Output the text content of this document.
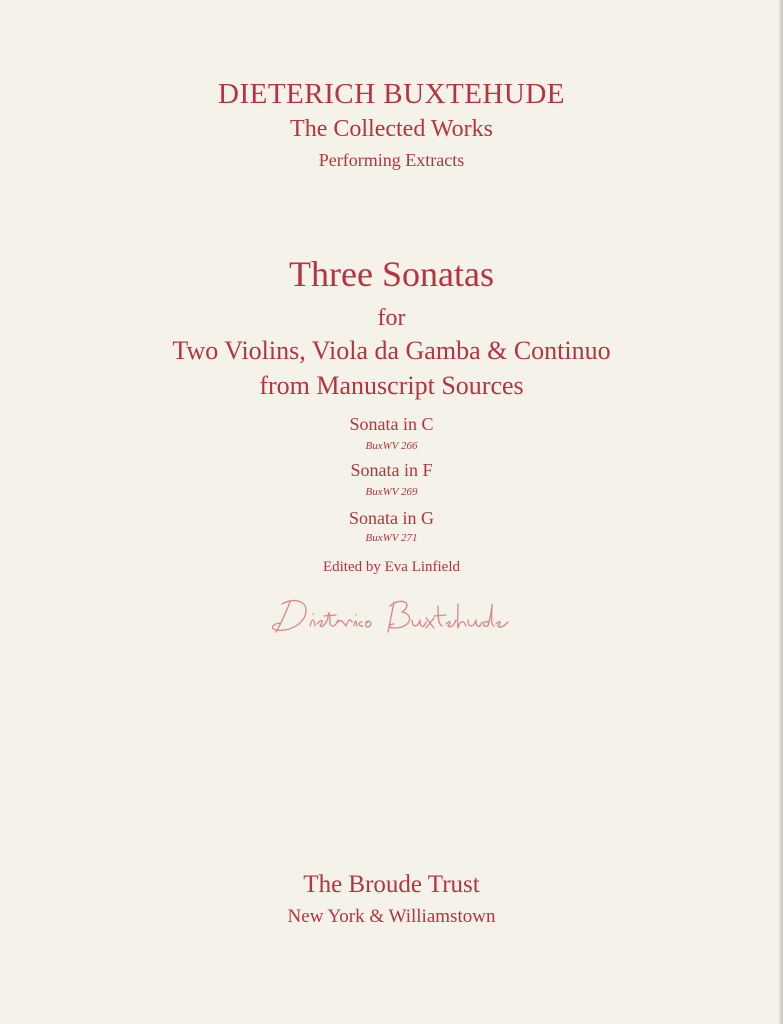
DIETERICH BUXTEHUDE
The Collected Works
Performing Extracts
Three Sonatas
for
Two Violins, Viola da Gamba & Continuo
from Manuscript Sources
Sonata in C
BuxWV 266
Sonata in F
BuxWV 269
Sonata in G
BuxWV 271
Edited by Eva Linfield
The Broude Trust
New York & Williamstown
